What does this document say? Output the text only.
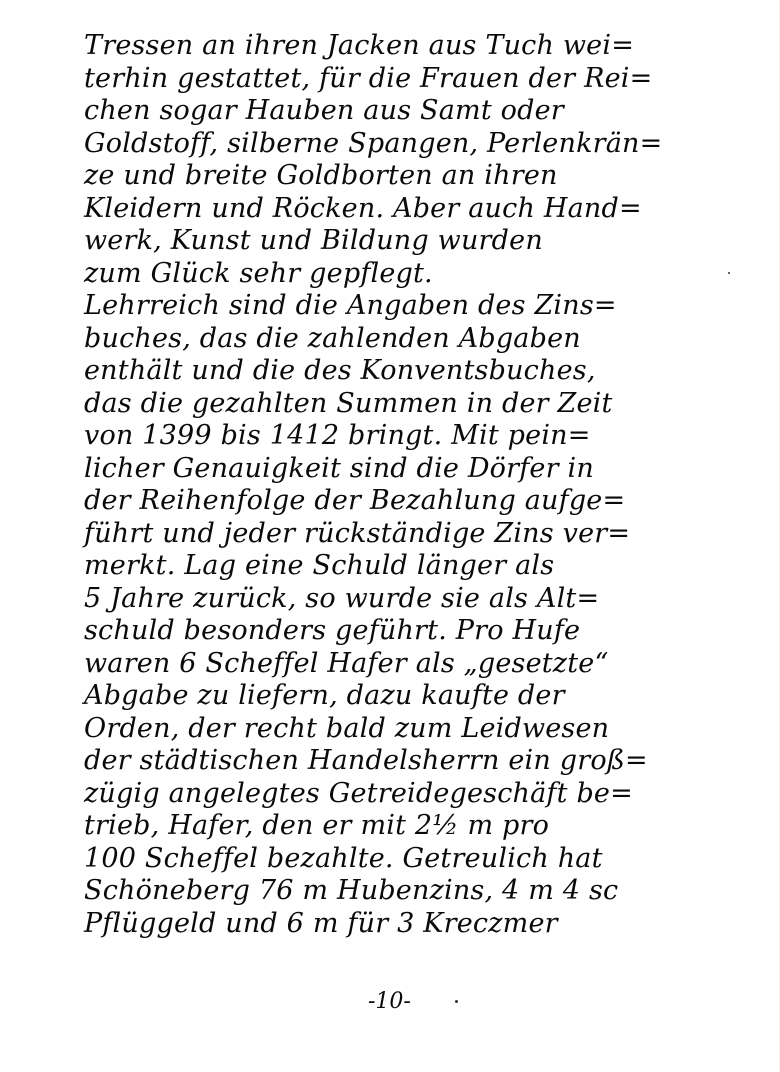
Tressen an ihren Jacken aus Tuch wei=
terhin gestattet, für die Frauen der Rei=
chen sogar Hauben aus Samt oder
Goldstoff, silberne Spangen, Perlenkrän=
ze und breite Goldborten an ihren
Kleidern und Röcken. Aber auch Hand=
werk, Kunst und Bildung wurden
zum Glück sehr gepflegt.
Lehrreich sind die Angaben des Zins=
buches, das die zahlenden Abgaben
enthält und die des Konventsbuches,
das die gezahlten Summen in der Zeit
von 1399 bis 1412 bringt. Mit pein=
licher Genauigkeit sind die Dörfer in
der Reihenfolge der Bezahlung aufge=
führt und jeder rückständige Zins ver=
merkt. Lag eine Schuld länger als
5 Jahre zurück, so wurde sie als Alt=
schuld besonders geführt. Pro Hufe
waren 6 Scheffel Hafer als „gesetzte“
Abgabe zu liefern, dazu kaufte der
Orden, der recht bald zum Leidwesen
der städtischen Handelsherrn ein groß=
zügig angelegtes Getreidegeschäft be=
trieb, Hafer, den er mit 2½ m pro
100 Scheffel bezahlte. Getreulich hat
Schöneberg 76 m Hubenzins, 4 m 4 sc
Pflüggeld und 6 m für 3 Kreczmer
-10-
